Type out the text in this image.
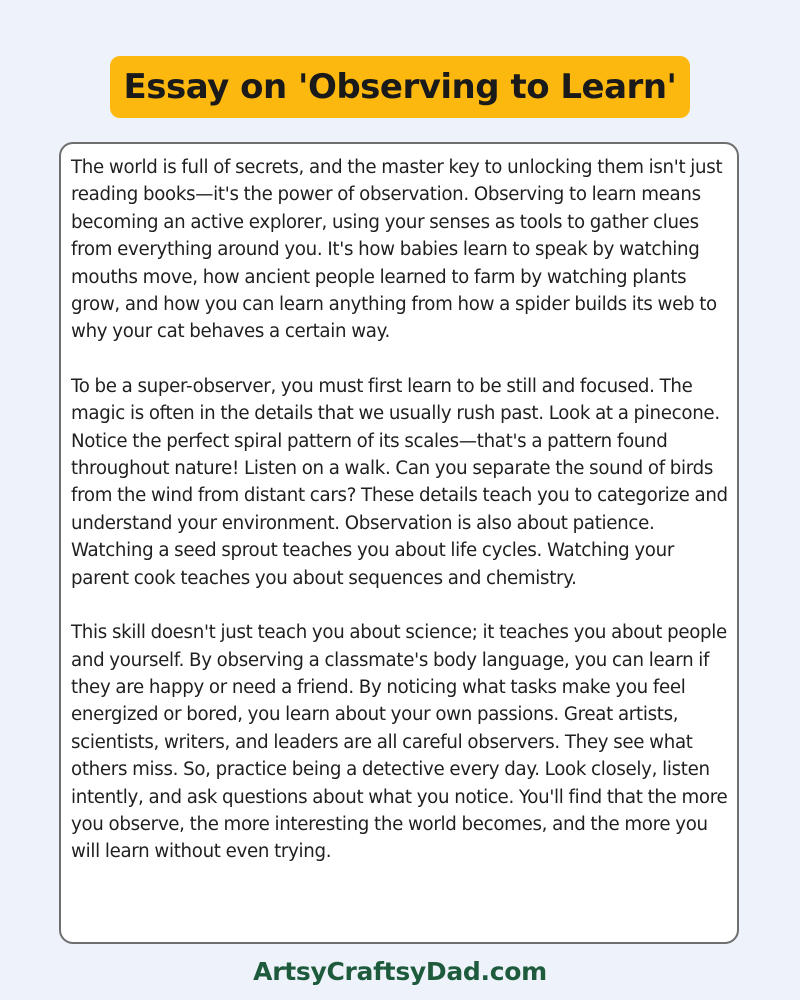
Essay on 'Observing to Learn'

The world is full of secrets, and the master key to unlocking them isn't just reading books—it's the power of observation. Observing to learn means becoming an active explorer, using your senses as tools to gather clues from everything around you. It's how babies learn to speak by watching mouths move, how ancient people learned to farm by watching plants grow, and how you can learn anything from how a spider builds its web to why your cat behaves a certain way.

To be a super-observer, you must first learn to be still and focused. The magic is often in the details that we usually rush past. Look at a pinecone. Notice the perfect spiral pattern of its scales—that's a pattern found throughout nature! Listen on a walk. Can you separate the sound of birds from the wind from distant cars? These details teach you to categorize and understand your environment. Observation is also about patience. Watching a seed sprout teaches you about life cycles. Watching your parent cook teaches you about sequences and chemistry.

This skill doesn't just teach you about science; it teaches you about people and yourself. By observing a classmate's body language, you can learn if they are happy or need a friend. By noticing what tasks make you feel energized or bored, you learn about your own passions. Great artists, scientists, writers, and leaders are all careful observers. They see what others miss. So, practice being a detective every day. Look closely, listen intently, and ask questions about what you notice. You'll find that the more you observe, the more interesting the world becomes, and the more you will learn without even trying.

ArtsyCraftsyDad.com
